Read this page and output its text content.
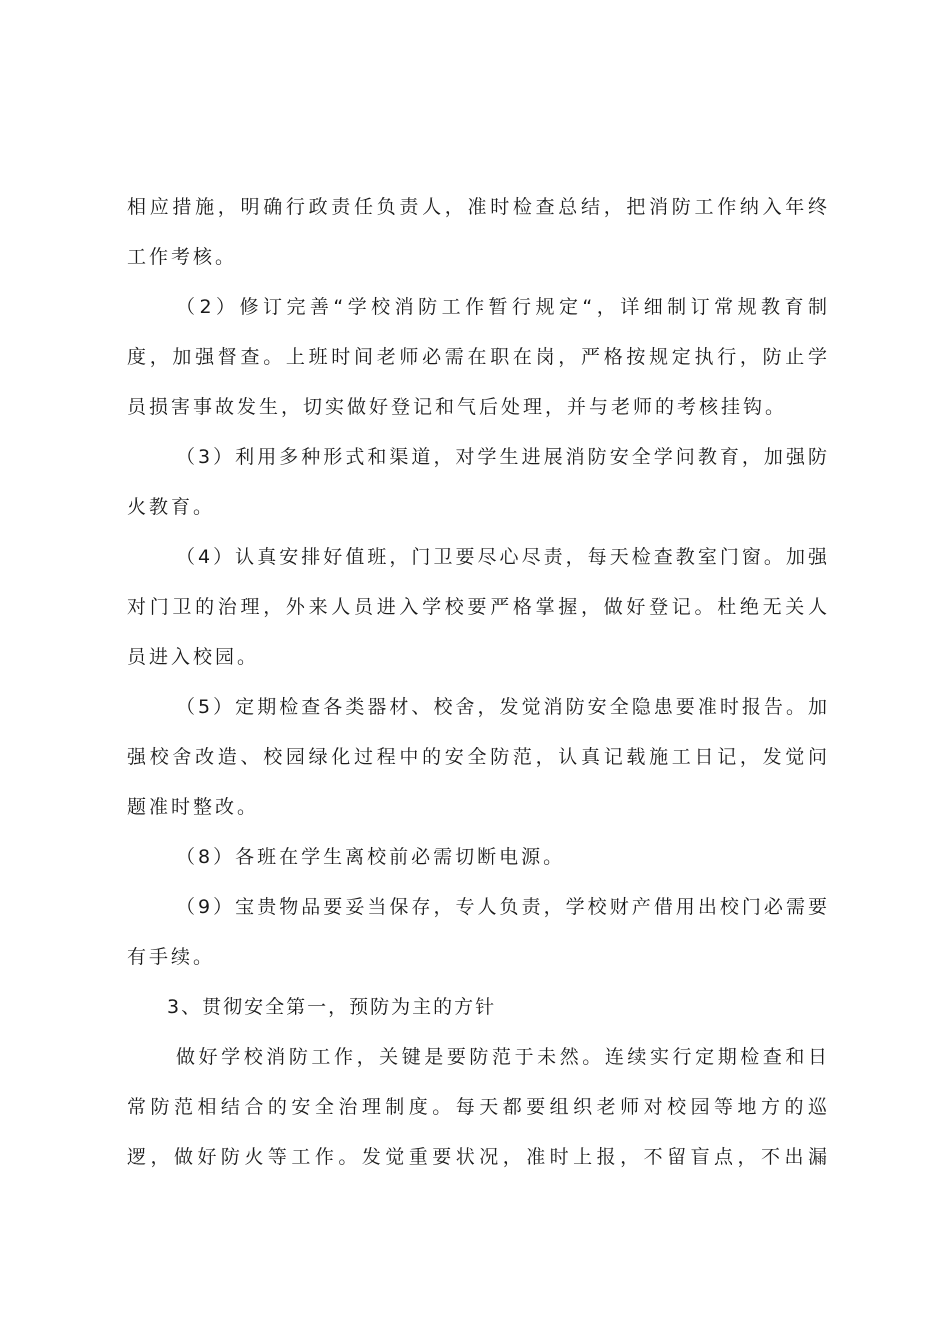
相应措施，明确行政责任负责人，准时检查总结，把消防工作纳入年终
工作考核。
（2）修订完善“学校消防工作暂行规定“，详细制订常规教育制
度，加强督查。上班时间老师必需在职在岗，严格按规定执行，防止学
员损害事故发生，切实做好登记和气后处理，并与老师的考核挂钩。
（3）利用多种形式和渠道，对学生进展消防安全学问教育，加强防
火教育。
（4）认真安排好值班，门卫要尽心尽责，每天检查教室门窗。加强
对门卫的治理，外来人员进入学校要严格掌握，做好登记。杜绝无关人
员进入校园。
（5）定期检查各类器材、校舍，发觉消防安全隐患要准时报告。加
强校舍改造、校园绿化过程中的安全防范，认真记载施工日记，发觉问
题准时整改。
（8）各班在学生离校前必需切断电源。
（9）宝贵物品要妥当保存，专人负责，学校财产借用出校门必需要
有手续。
3、贯彻安全第一，预防为主的方针
做好学校消防工作，关键是要防范于未然。连续实行定期检查和日
常防范相结合的安全治理制度。每天都要组织老师对校园等地方的巡
逻，做好防火等工作。发觉重要状况，准时上报，不留盲点，不出漏
